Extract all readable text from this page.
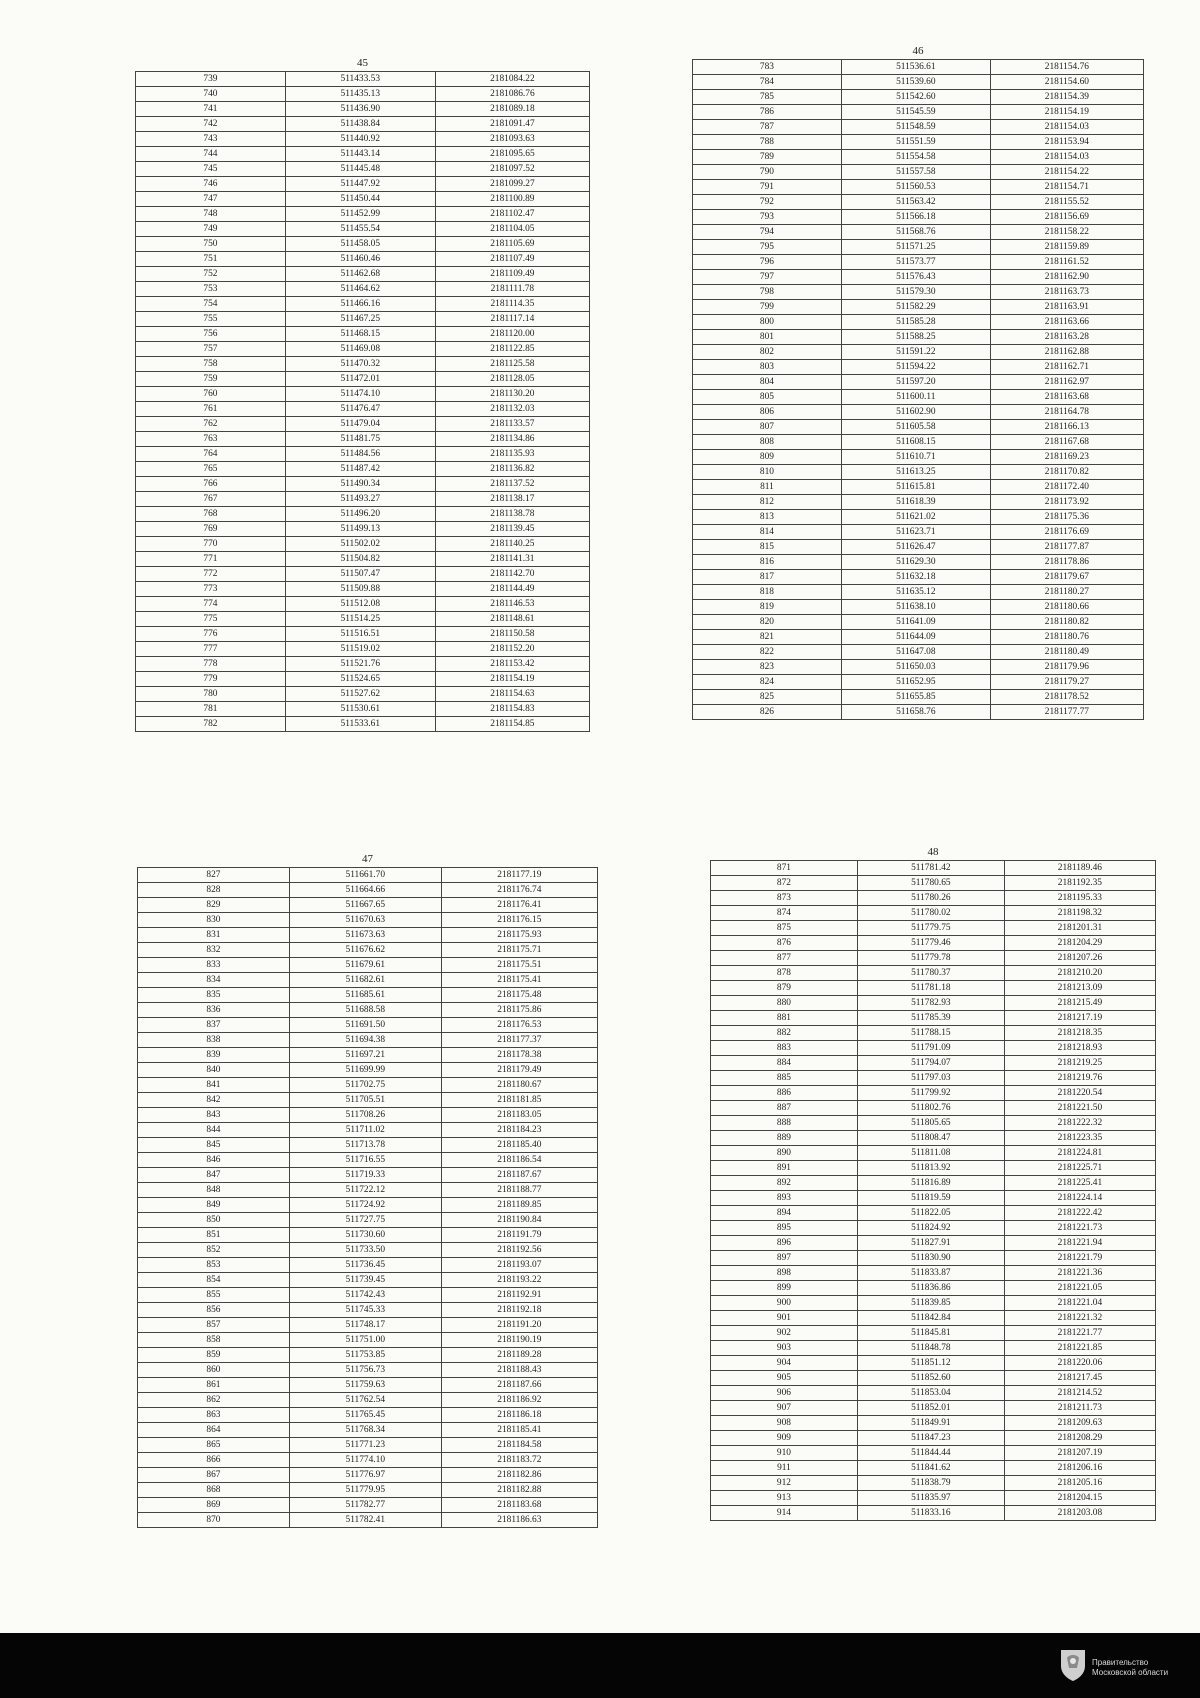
45
739	511433.53	2181084.22
740	511435.13	2181086.76
741	511436.90	2181089.18
742	511438.84	2181091.47
743	511440.92	2181093.63
744	511443.14	2181095.65
745	511445.48	2181097.52
746	511447.92	2181099.27
747	511450.44	2181100.89
748	511452.99	2181102.47
749	511455.54	2181104.05
750	511458.05	2181105.69
751	511460.46	2181107.49
752	511462.68	2181109.49
753	511464.62	2181111.78
754	511466.16	2181114.35
755	511467.25	2181117.14
756	511468.15	2181120.00
757	511469.08	2181122.85
758	511470.32	2181125.58
759	511472.01	2181128.05
760	511474.10	2181130.20
761	511476.47	2181132.03
762	511479.04	2181133.57
763	511481.75	2181134.86
764	511484.56	2181135.93
765	511487.42	2181136.82
766	511490.34	2181137.52
767	511493.27	2181138.17
768	511496.20	2181138.78
769	511499.13	2181139.45
770	511502.02	2181140.25
771	511504.82	2181141.31
772	511507.47	2181142.70
773	511509.88	2181144.49
774	511512.08	2181146.53
775	511514.25	2181148.61
776	511516.51	2181150.58
777	511519.02	2181152.20
778	511521.76	2181153.42
779	511524.65	2181154.19
780	511527.62	2181154.63
781	511530.61	2181154.83
782	511533.61	2181154.85
46
783	511536.61	2181154.76
784	511539.60	2181154.60
785	511542.60	2181154.39
786	511545.59	2181154.19
787	511548.59	2181154.03
788	511551.59	2181153.94
789	511554.58	2181154.03
790	511557.58	2181154.22
791	511560.53	2181154.71
792	511563.42	2181155.52
793	511566.18	2181156.69
794	511568.76	2181158.22
795	511571.25	2181159.89
796	511573.77	2181161.52
797	511576.43	2181162.90
798	511579.30	2181163.73
799	511582.29	2181163.91
800	511585.28	2181163.66
801	511588.25	2181163.28
802	511591.22	2181162.88
803	511594.22	2181162.71
804	511597.20	2181162.97
805	511600.11	2181163.68
806	511602.90	2181164.78
807	511605.58	2181166.13
808	511608.15	2181167.68
809	511610.71	2181169.23
810	511613.25	2181170.82
811	511615.81	2181172.40
812	511618.39	2181173.92
813	511621.02	2181175.36
814	511623.71	2181176.69
815	511626.47	2181177.87
816	511629.30	2181178.86
817	511632.18	2181179.67
818	511635.12	2181180.27
819	511638.10	2181180.66
820	511641.09	2181180.82
821	511644.09	2181180.76
822	511647.08	2181180.49
823	511650.03	2181179.96
824	511652.95	2181179.27
825	511655.85	2181178.52
826	511658.76	2181177.77
47
827	511661.70	2181177.19
828	511664.66	2181176.74
829	511667.65	2181176.41
830	511670.63	2181176.15
831	511673.63	2181175.93
832	511676.62	2181175.71
833	511679.61	2181175.51
834	511682.61	2181175.41
835	511685.61	2181175.48
836	511688.58	2181175.86
837	511691.50	2181176.53
838	511694.38	2181177.37
839	511697.21	2181178.38
840	511699.99	2181179.49
841	511702.75	2181180.67
842	511705.51	2181181.85
843	511708.26	2181183.05
844	511711.02	2181184.23
845	511713.78	2181185.40
846	511716.55	2181186.54
847	511719.33	2181187.67
848	511722.12	2181188.77
849	511724.92	2181189.85
850	511727.75	2181190.84
851	511730.60	2181191.79
852	511733.50	2181192.56
853	511736.45	2181193.07
854	511739.45	2181193.22
855	511742.43	2181192.91
856	511745.33	2181192.18
857	511748.17	2181191.20
858	511751.00	2181190.19
859	511753.85	2181189.28
860	511756.73	2181188.43
861	511759.63	2181187.66
862	511762.54	2181186.92
863	511765.45	2181186.18
864	511768.34	2181185.41
865	511771.23	2181184.58
866	511774.10	2181183.72
867	511776.97	2181182.86
868	511779.95	2181182.88
869	511782.77	2181183.68
870	511782.41	2181186.63
48
871	511781.42	2181189.46
872	511780.65	2181192.35
873	511780.26	2181195.33
874	511780.02	2181198.32
875	511779.75	2181201.31
876	511779.46	2181204.29
877	511779.78	2181207.26
878	511780.37	2181210.20
879	511781.18	2181213.09
880	511782.93	2181215.49
881	511785.39	2181217.19
882	511788.15	2181218.35
883	511791.09	2181218.93
884	511794.07	2181219.25
885	511797.03	2181219.76
886	511799.92	2181220.54
887	511802.76	2181221.50
888	511805.65	2181222.32
889	511808.47	2181223.35
890	511811.08	2181224.81
891	511813.92	2181225.71
892	511816.89	2181225.41
893	511819.59	2181224.14
894	511822.05	2181222.42
895	511824.92	2181221.73
896	511827.91	2181221.94
897	511830.90	2181221.79
898	511833.87	2181221.36
899	511836.86	2181221.05
900	511839.85	2181221.04
901	511842.84	2181221.32
902	511845.81	2181221.77
903	511848.78	2181221.85
904	511851.12	2181220.06
905	511852.60	2181217.45
906	511853.04	2181214.52
907	511852.01	2181211.73
908	511849.91	2181209.63
909	511847.23	2181208.29
910	511844.44	2181207.19
911	511841.62	2181206.16
912	511838.79	2181205.16
913	511835.97	2181204.15
914	511833.16	2181203.08
Правительство
Московской области
